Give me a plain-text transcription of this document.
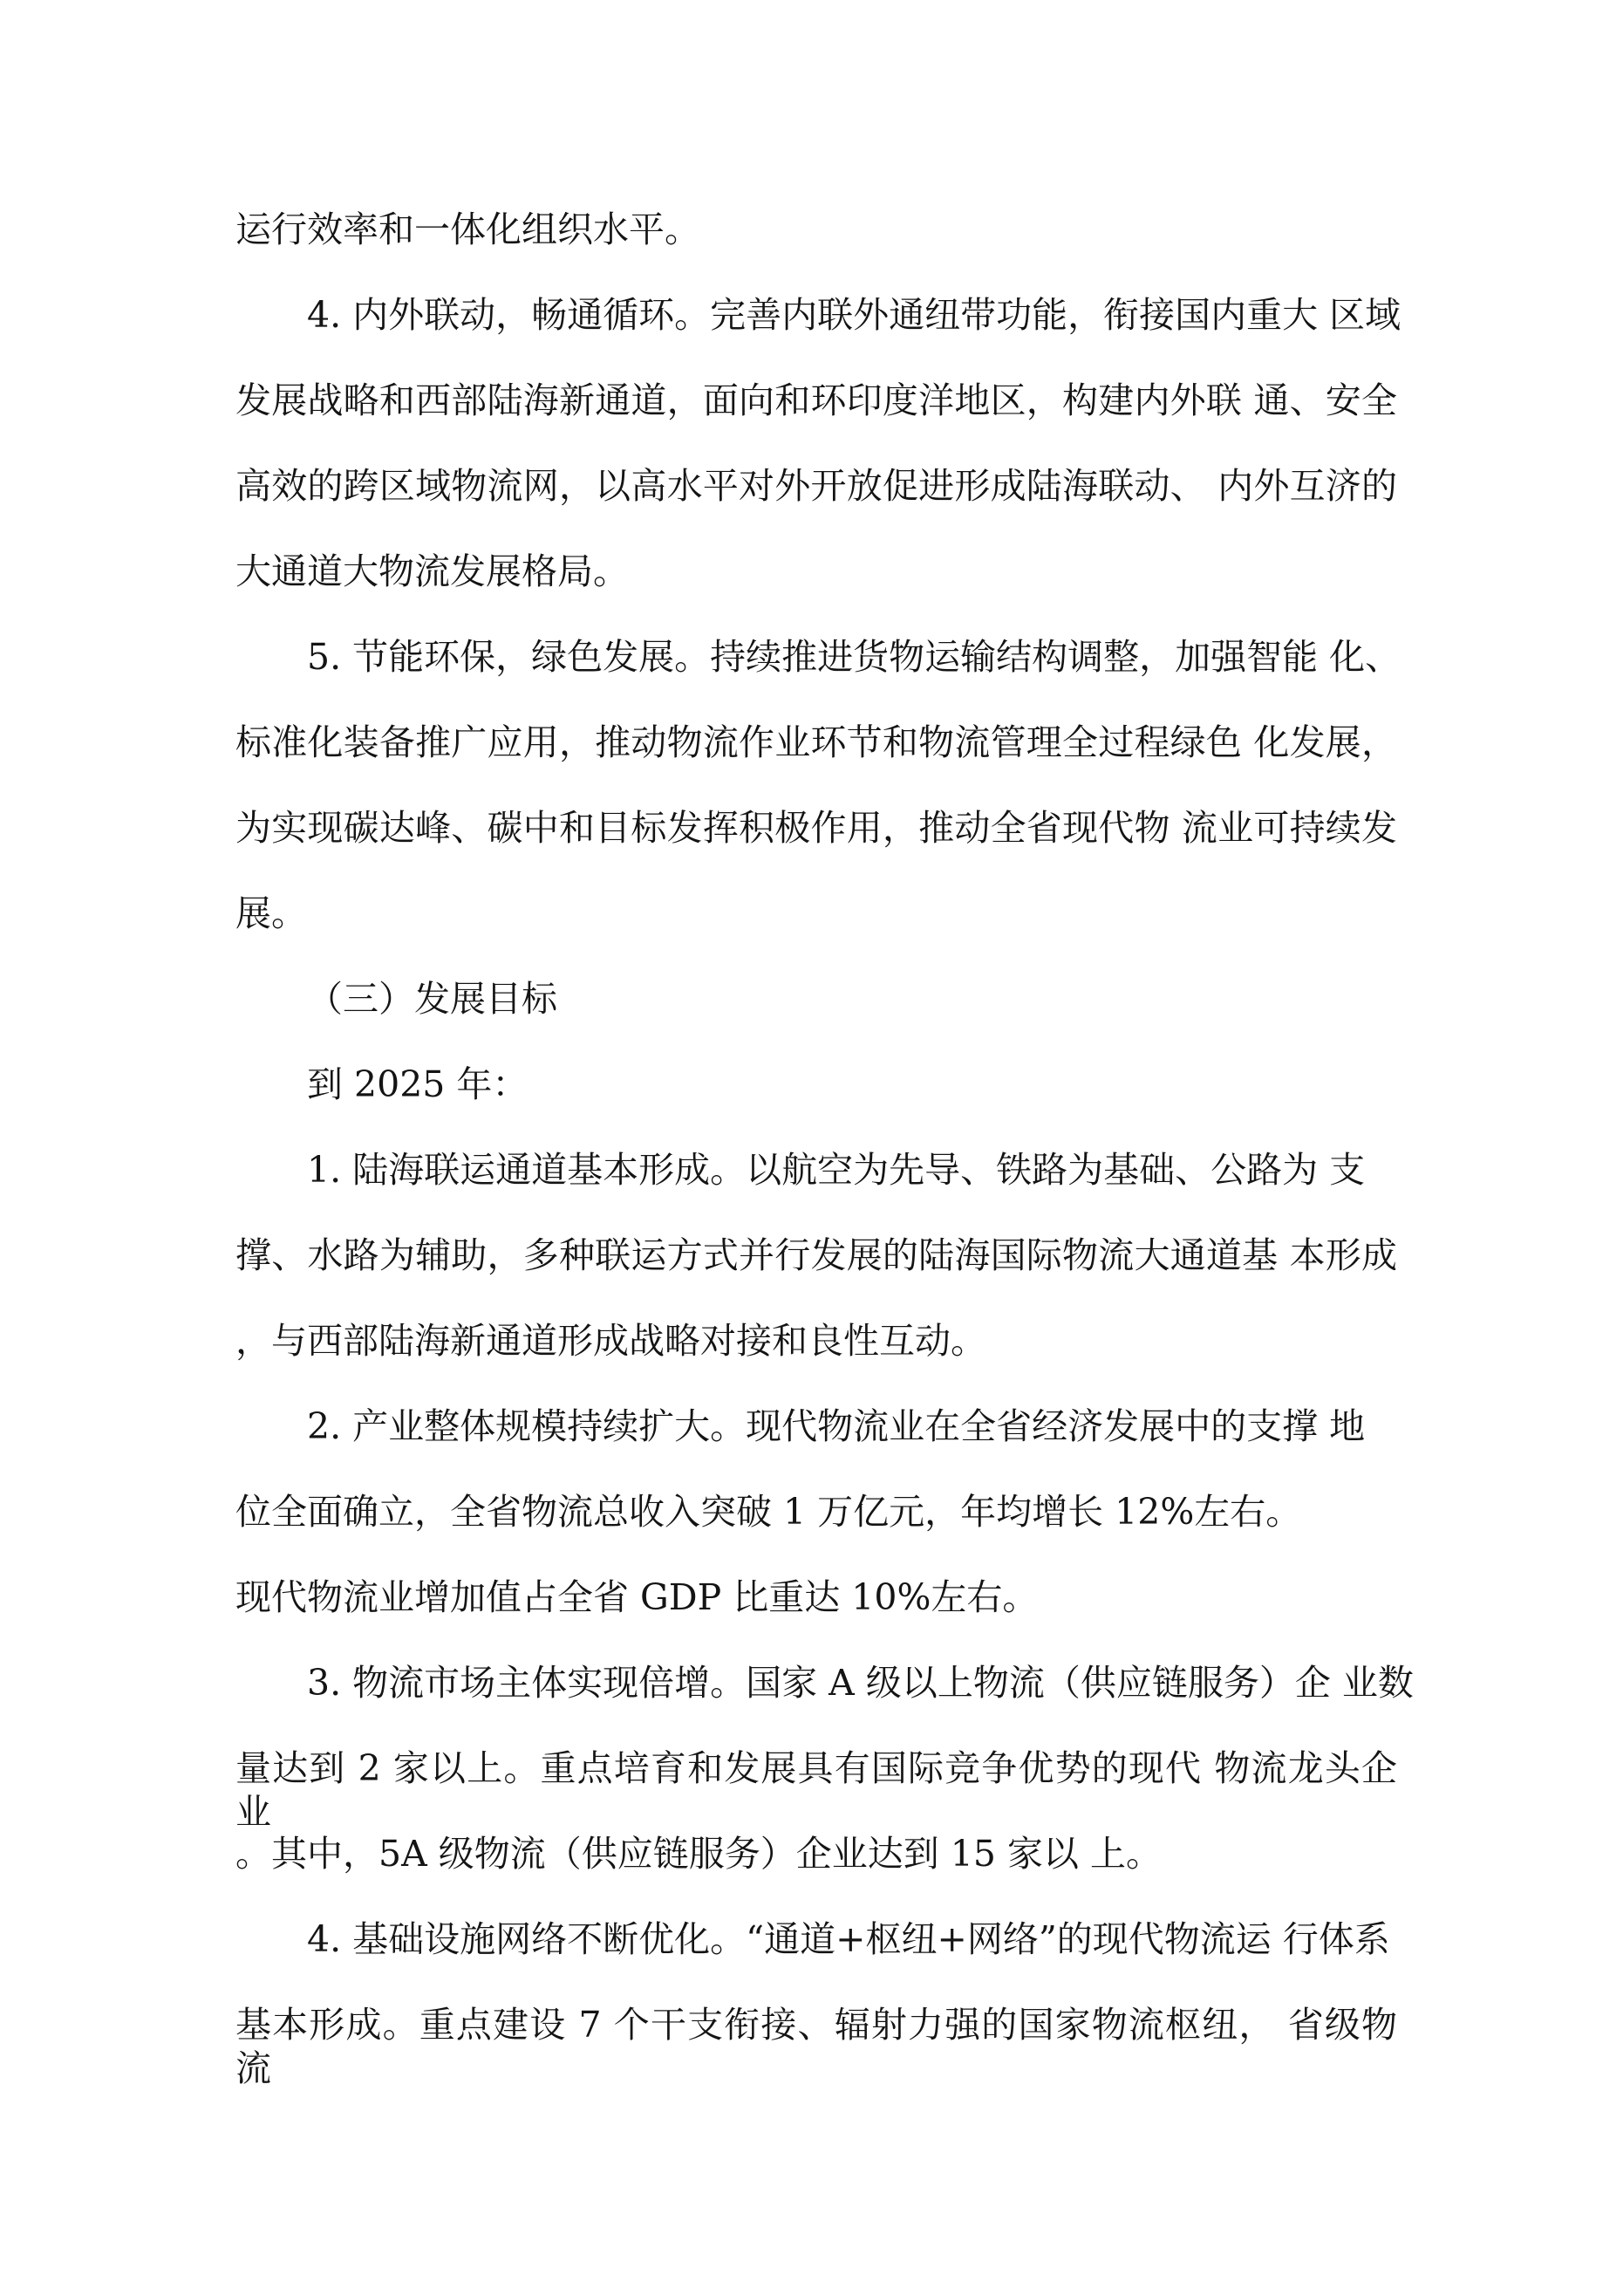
运行效率和一体化组织水平。
4. 内外联动，畅通循环。完善内联外通纽带功能，衔接国内重大 区域
发展战略和西部陆海新通道，面向和环印度洋地区，构建内外联 通、安全
高效的跨区域物流网，以高水平对外开放促进形成陆海联动、 内外互济的
大通道大物流发展格局。
5. 节能环保，绿色发展。持续推进货物运输结构调整，加强智能 化、
标准化装备推广应用，推动物流作业环节和物流管理全过程绿色 化发展，
为实现碳达峰、碳中和目标发挥积极作用，推动全省现代物 流业可持续发
展。
（三）发展目标
到 2025 年：
1. 陆海联运通道基本形成。以航空为先导、铁路为基础、公路为 支
撑、水路为辅助，多种联运方式并行发展的陆海国际物流大通道基 本形成
，与西部陆海新通道形成战略对接和良性互动。
2. 产业整体规模持续扩大。现代物流业在全省经济发展中的支撑 地
位全面确立，全省物流总收入突破 1 万亿元，年均增长 12%左右。
现代物流业增加值占全省 GDP 比重达 10%左右。
3. 物流市场主体实现倍增。国家 A 级以上物流（供应链服务）企 业数
量达到 2 家以上。重点培育和发展具有国际竞争优势的现代 物流龙头企业
。其中，5A 级物流（供应链服务）企业达到 15 家以 上。
4. 基础设施网络不断优化。“通道+枢纽+网络”的现代物流运 行体系
基本形成。重点建设 7 个干支衔接、辐射力强的国家物流枢纽， 省级物流
